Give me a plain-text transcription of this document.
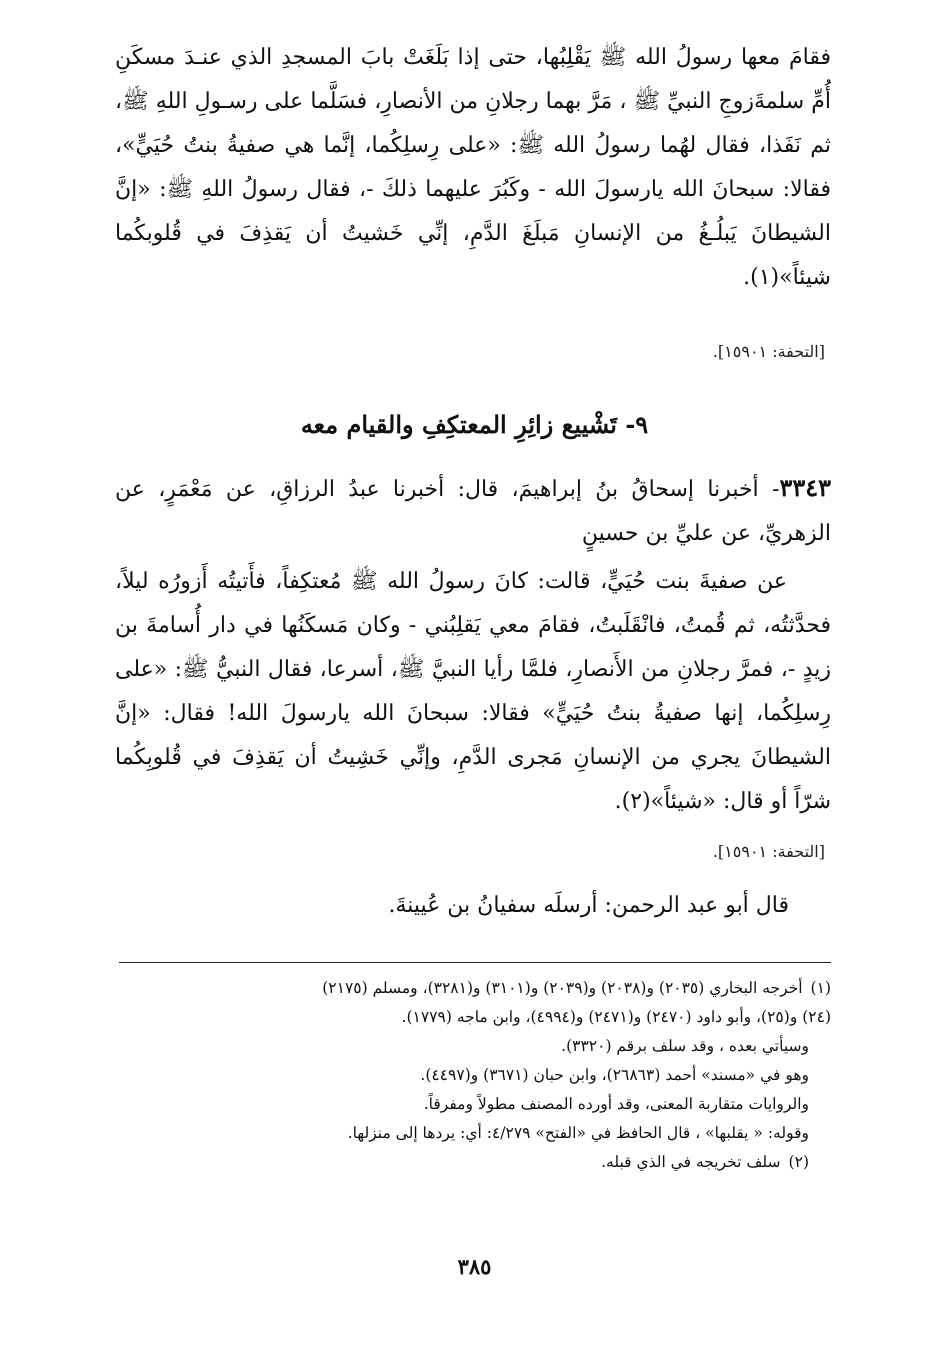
فقامَ معها رسولُ الله ﷺ يَقْلِبُها، حتى إذا بَلَغَتْ بابَ المسجدِ الذي عنـدَ مسكَنِ أُمِّ سلمةَزوجِ النبيِّ ﷺ ، مَرَّ بهما رجلانِ من الأنصارِ، فسَلَّما على رسـولِ اللهِ ﷺ، ثم نَفَذا، فقال لهُما رسولُ الله ﷺ: «على رِسلِكُما، إنَّما هي صفيةُ بنتُ حُيَيٍّ»، فقالا: سبحانَ الله يارسولَ الله - وكَبُرَ عليهما ذلكَ -، فقال رسولُ اللهِ ﷺ: «إنَّ الشيطانَ يَبلُـغُ من الإنسانِ مَبلَغَ الدَّمِ، إنِّي خَشيتُ أن يَقذِفَ في قُلوبكُما شيئاً»(١).

[التحفة: ١٥٩٠١].
٩- تَشْييع زائِرِ المعتكِفِ والقيام معه

٣٣٤٣- أخبرنا إسحاقُ بنُ إبراهيمَ، قال: أخبرنا عبدُ الرزاقِ، عن مَعْمَرٍ، عن الزهريِّ، عن عليِّ بن حسينٍ

عن صفيةَ بنت حُيَيٍّ، قالت: كانَ رسولُ الله ﷺ مُعتكِفاً، فأَتيتُه أَزورُه ليلاً، فحدَّثتُه، ثم قُمتُ، فانْقَلَبتُ، فقامَ معي يَقلِبُني - وكان مَسكَنُها في دار أُسامةَ بن زيدٍ -، فمرَّ رجلانِ من الأَنصارِ، فلمَّا رأيا النبيَّ ﷺ، أسرعا، فقال النبيُّ ﷺ: «على رِسلِكُما، إنها صفيةُ بنتُ حُيَيٍّ» فقالا: سبحانَ الله يارسولَ الله! فقال: «إنَّ الشيطانَ يجري من الإنسانِ مَجرى الدَّمِ، وإنِّي خَشِيتُ أن يَقذِفَ في قُلوبِكُما شرّاً أو قال: «شيئاً»(٢).

[التحفة: ١٥٩٠١].
قال أبو عبد الرحمن: أرسلَه سفيانُ بن عُيينةَ.
(١)أخرجه البخاري (٢٠٣٥) و(٢٠٣٨) و(٢٠٣٩) و(٣١٠١) و(٣٢٨١)، ومسلم (٢١٧٥)
(٢٤) و(٢٥)، وأبو داود (٢٤٧٠) و(٢٤٧١) و(٤٩٩٤)، وابن ماجه (١٧٧٩).
وسيأتي بعده ، وقد سلف برقم (٣٣٢٠).
وهو في «مسند» أحمد (٢٦٨٦٣)، وابن حبان (٣٦٧١) و(٤٤٩٧).
والروايات متقاربة المعنى، وقد أورده المصنف مطولاً ومفرقاً.
وقوله: « يقلبها» ، قال الحافظ في «الفتح» ٤/٢٧٩: أي: يردها إلى منزلها.
(٢)سلف تخريجه في الذي قبله.
٣٨٥
